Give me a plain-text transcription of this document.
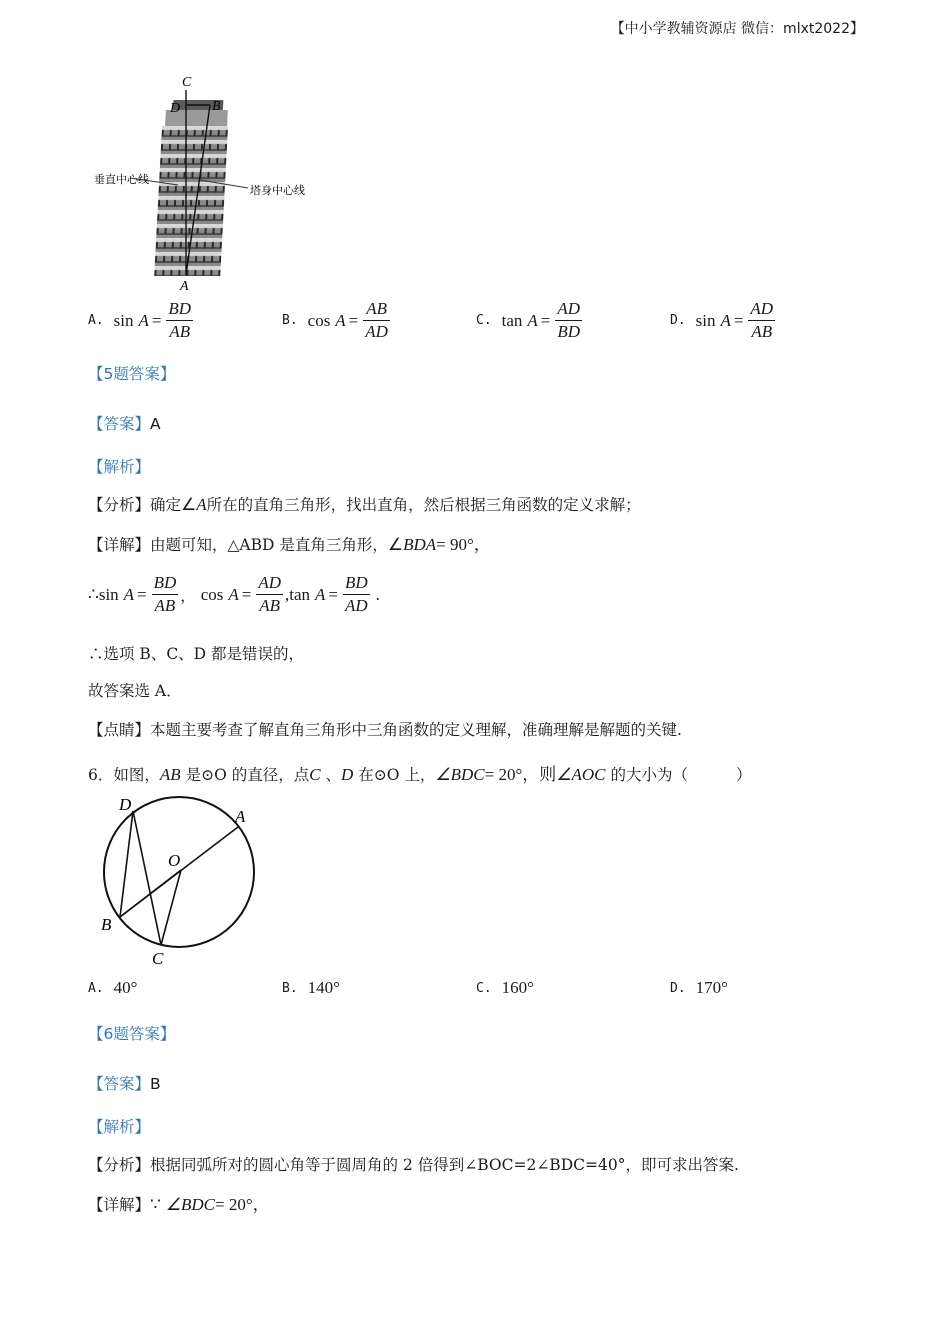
【中小学教辅资源店 微信：mlxt2022】
C
D B
A
垂直中心线
塔身中心线
A. sin
$A = \frac{BD}{AB}$	B. cos
$A = \frac{AB}{AD}$	C. tan
$A = \frac{AD}{BD}$	D. sin
$A = \frac{AD}{AB}$
【5题答案】
【答案】A
【解析】
【分析】确定∠A所在的直角三角形，找出直角，然后根据三角函数的定义求解；
【详解】由题可知，△ABD 是直角三角形，∠BDA= 90°，
∴ sin
$A = \frac{BD}{AB}$ ，
cos
$A = \frac{AD}{AB}$ , tan
$A = \frac{BD}{AD}$ .
∴选项 B、C、D 都是错误的，
故答案选 A．
【点睛】本题主要考查了解直角三角形中三角函数的定义理解，准确理解是解题的关键.
6．如图，AB 是⊙O 的直径，点C 、D 在⊙O 上，∠BDC= 20°，则∠AOC 的大小为（	）
D
A
O
B
C
A. 40°	B. 140°	C. 160°	D. 170°
【6题答案】
【答案】B
【解析】
【分析】根据同弧所对的圆心角等于圆周角的 2 倍得到∠BOC=2∠BDC=40°，即可求出答案.
【详解】∵ ∠BDC= 20°，
